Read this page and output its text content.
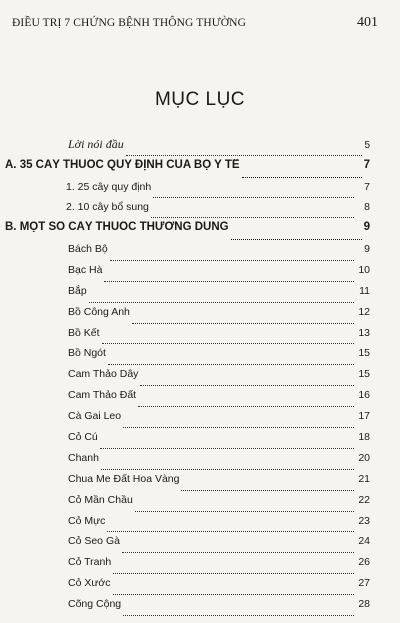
ĐIỀU TRỊ 7 CHỨNG BỆNH THÔNG THƯỜNG	401
MỤC LỤC
Lời nói đầu	5
A. 35 CÂY THUỐC QUY ĐỊNH CỦA BỘ Y TẾ	7
1. 25 cây quy định	7
2. 10 cây bổ sung	8
B. MỘT SỐ CÂY THUỐC THƯỜNG DÙNG	9
Bách Bộ	9
Bạc Hà	10
Bắp	11
Bồ Công Anh	12
Bồ Kết	13
Bồ Ngót	15
Cam Thảo Dây	15
Cam Thảo Đất	16
Cà Gai Leo	17
Cỏ Cú	18
Chanh	20
Chua Me Đất Hoa Vàng	21
Cỏ Mần Chầu	22
Cỏ Mực	23
Cỏ Seo Gà	24
Cỏ Tranh	26
Cỏ Xước	27
Cõng Cộng	28
